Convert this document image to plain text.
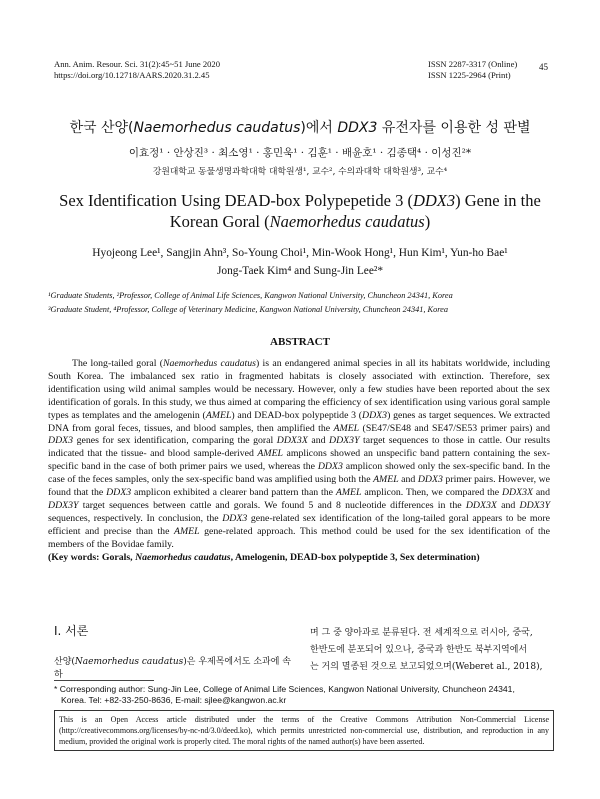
Ann. Anim. Resour. Sci. 31(2):45~51 June 2020
https://doi.org/10.12718/AARS.2020.31.2.45
ISSN 2287-3317 (Online)
ISSN 1225-2964 (Print)
45
한국 산양(Naemorhedus caudatus)에서 DDX3 유전자를 이용한 성 판별
이효정¹ · 안상진³ · 최소영¹ · 홍민욱¹ · 김훈¹ · 배윤호¹ · 김종택⁴ · 이성진²*
강원대학교 동물생명과학대학 대학원생¹, 교수², 수의과대학 대학원생³, 교수⁴
Sex Identification Using DEAD-box Polypepetide 3 (DDX3) Gene in the
Korean Goral (Naemorhedus caudatus)
Hyojeong Lee¹, Sangjin Ahn³, So-Young Choi¹, Min-Wook Hong¹, Hun Kim¹, Yun-ho Bae¹
Jong-Taek Kim⁴ and Sung-Jin Lee²*
¹Graduate Students, ²Professor, College of Animal Life Sciences, Kangwon National University, Chuncheon 24341, Korea
³Graduate Student, ⁴Professor, College of Veterinary Medicine, Kangwon National University, Chuncheon 24341, Korea
ABSTRACT

The long-tailed goral (Naemorhedus caudatus) is an endangered animal species in all its habitats worldwide, including South Korea. The imbalanced sex ratio in fragmented habitats is closely associated with extinction. Therefore, sex identification using wild animal samples would be necessary. However, only a few studies have been reported about the sex identification of gorals. In this study, we thus aimed at comparing the efficiency of sex identification using various goral sample types as templates and the amelogenin (AMEL) and DEAD-box polypeptide 3 (DDX3) genes as target sequences. We extracted DNA from goral feces, tissues, and blood samples, then amplified the AMEL (SE47/SE48 and SE47/SE53 primer pairs) and DDX3 genes for sex identification, comparing the goral DDX3X and DDX3Y target sequences to those in cattle. Our results indicated that the tissue- and blood sample-derived AMEL amplicons showed an unspecific band pattern containing the sex-specific band in the case of both primer pairs we used, whereas the DDX3 amplicon showed only the sex-specific band. In the case of the feces samples, only the sex-specific band was amplified using both the AMEL and DDX3 primer pairs. However, we found that the DDX3 amplicon exhibited a clearer band pattern than the AMEL amplicon. Then, we compared the DDX3X and DDX3Y target sequences between cattle and gorals. We found 5 and 8 nucleotide differences in the DDX3X and DDX3Y sequences, respectively. In conclusion, the DDX3 gene-related sex identification of the long-tailed goral appears to be more efficient and precise than the AMEL gene-related approach. This method could be used for the sex identification of the members of the Bovidae family.

(Key words: Gorals, Naemorhedus caudatus, Amelogenin, DEAD-box polypeptide 3, Sex determination)

Ⅰ. 서론
산양(Naemorhedus caudatus)은 우제목에서도 소과에 속하
며 그 중 양아과로 분류된다. 전 세계적으로 러시아, 중국,
한반도에 분포되어 있으나, 중국과 한반도 북부지역에서
는 거의 멸종된 것으로 보고되었으며(Weberet al., 2018),
* Corresponding author: Sung-Jin Lee, College of Animal Life Sciences, Kangwon National University, Chuncheon 24341,
Korea. Tel: +82-33-250-8636, E-mail: sjlee@kangwon.ac.kr
This is an Open Access article distributed under the terms of the Creative Commons Attribution Non-Commercial License (http://creativecommons.org/licenses/by-nc-nd/3.0/deed.ko), which permits unrestricted non-commercial use, distribution, and reproduction in any medium, provided the original work is properly cited. The moral rights of the named author(s) have been asserted.
